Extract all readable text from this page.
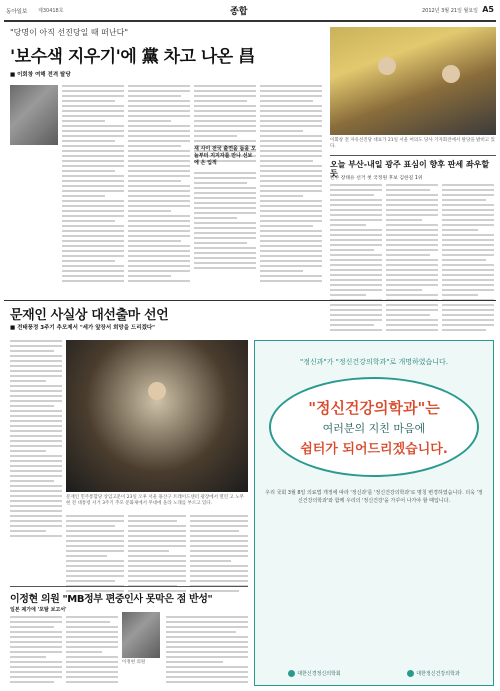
동아일보 제30418호	종합	2012년 3월 21일 월요일 A5
"당명이 아직 선진당일 때 떠난다"
'보수색 지우기'에 黨 차고 나온 昌
■ 이회창 여해 전격 탈당
새 사이 전국 출연을 돕을 오늘부터 지지자를 만나 선보에 온 입적
이회창 전 자유선진당 대표가 21일 서울 여의도 당사 기자회견에서 탈당을 밝히고 있다.
오늘 부산-내일 광주 표심이 향후 판세 좌우할듯
민주 장태유 선거 첫 국정원 후보 김한길 1위
문재인 사실상 대선출마 선언
■ 전태풍정 3주기 추모제서 "세가 앞장서 희망을 드리겠다"
문재인 민주통합당 상임고문이 23일 오후 서울 용산구 트레이드센터 광장에서 열린 고 노무현 전 대통령 서거 3주기 추모 문화제에서 무대에 올라 노래를 부르고 있다.
이정현 의원 "MB정부 편중인사 못막은 점 반성"
일본 제가에 '포탈 보고서'
이정현 의원
"정신과"가 "정신건강의학과"로 개명하였습니다.
"정신건강의학과"는
여러분의 지친 마음에
쉼터가 되어드리겠습니다.
우리 국회 3월 8일 의료법 개정에 따라 '정신과'를 '정신건강의학과'로 명칭 변경하였습니다. 더욱 '정신건강의학과'와 함께 우리의 '정신건강'을 가꾸어 나가야 할 때입니다.
대한신경정신의학회	대한정신건강의학과
